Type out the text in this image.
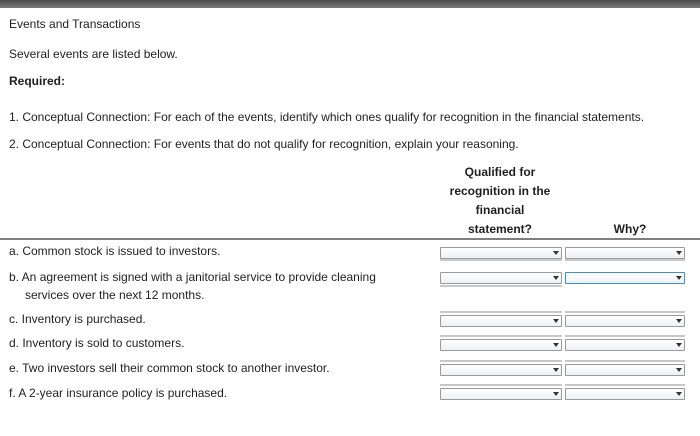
Events and Transactions
Several events are listed below.
Required:
1. Conceptual Connection: For each of the events, identify which ones qualify for recognition in the financial statements.
2. Conceptual Connection: For events that do not qualify for recognition, explain your reasoning.
Qualified for
recognition in the
financial
statement?	Why?
a. Common stock is issued to investors.
b. An agreement is signed with a janitorial service to provide cleaning
services over the next 12 months.
c. Inventory is purchased.
d. Inventory is sold to customers.
e. Two investors sell their common stock to another investor.
f. A 2-year insurance policy is purchased.
